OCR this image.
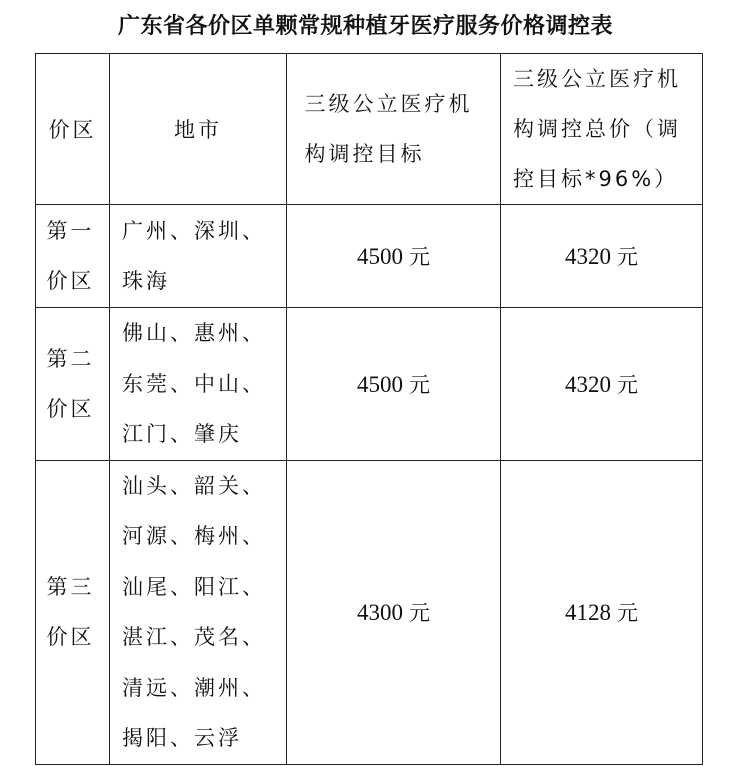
广东省各价区单颗常规种植牙医疗服务价格调控表
价区	地市	三级公立医疗机构调控目标	三级公立医疗机构调控总价（调控目标*96%）

第一价区	广州、深圳、珠海	4500 元	4320 元

第二价区	佛山、惠州、东莞、中山、江门、肇庆	4500 元	4320 元

第三价区	汕头、韶关、河源、梅州、汕尾、阳江、湛江、茂名、清远、潮州、揭阳、云浮	4300 元	4128 元
